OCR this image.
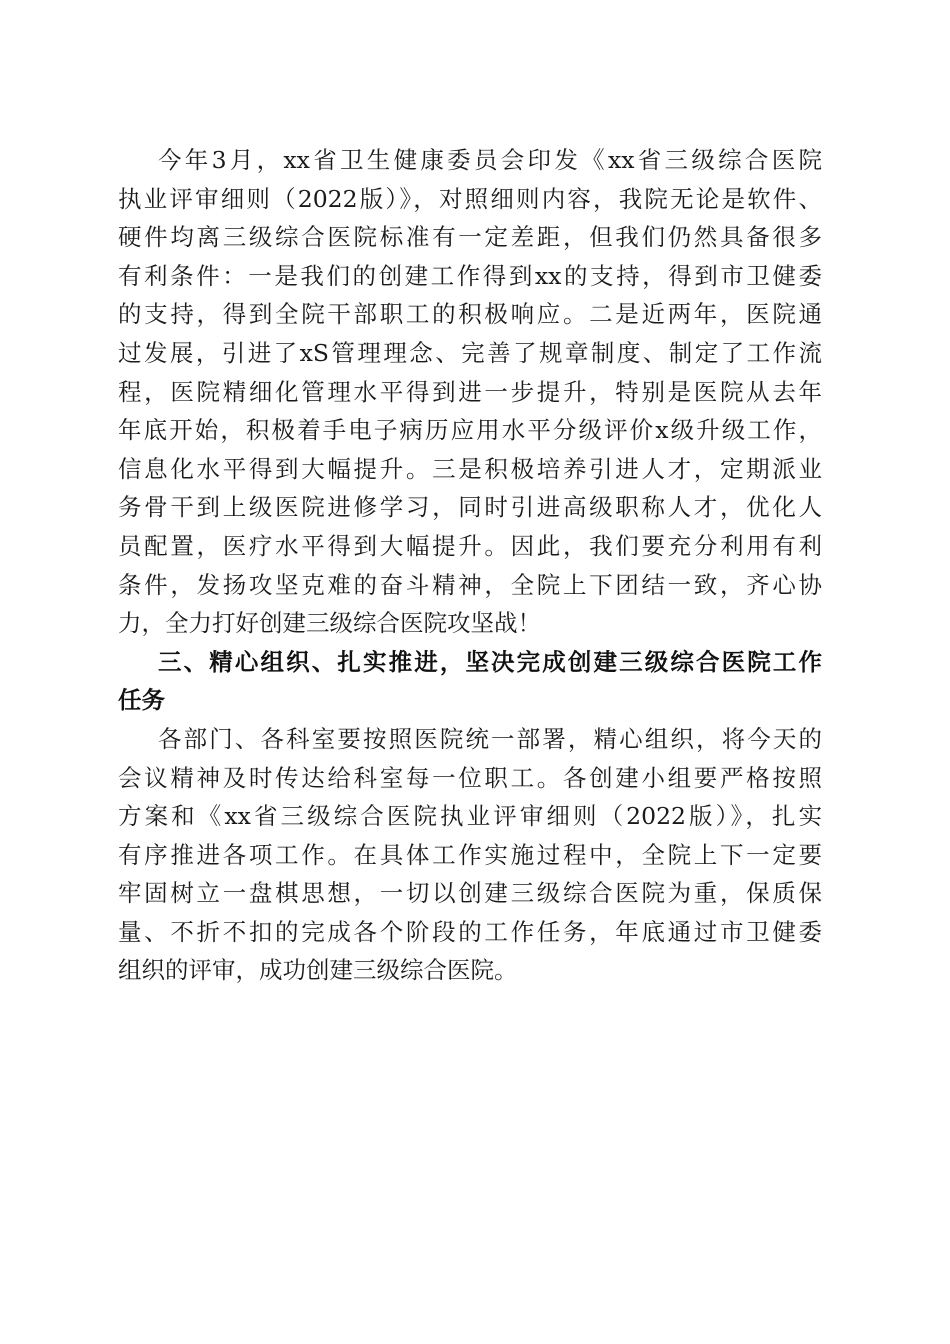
今年3月，xx省卫生健康委员会印发《xx省三级综合医院
执业评审细则（2022版）》，对照细则内容，我院无论是软件、
硬件均离三级综合医院标准有一定差距，但我们仍然具备很多
有利条件：一是我们的创建工作得到xx的支持，得到市卫健委
的支持，得到全院干部职工的积极响应。二是近两年，医院通
过发展，引进了xS管理理念、完善了规章制度、制定了工作流
程，医院精细化管理水平得到进一步提升，特别是医院从去年
年底开始，积极着手电子病历应用水平分级评价x级升级工作，
信息化水平得到大幅提升。三是积极培养引进人才，定期派业
务骨干到上级医院进修学习，同时引进高级职称人才，优化人
员配置，医疗水平得到大幅提升。因此，我们要充分利用有利
条件，发扬攻坚克难的奋斗精神，全院上下团结一致，齐心协
力，全力打好创建三级综合医院攻坚战！
三、精心组织、扎实推进，坚决完成创建三级综合医院工作
任务
各部门、各科室要按照医院统一部署，精心组织，将今天的
会议精神及时传达给科室每一位职工。各创建小组要严格按照
方案和《xx省三级综合医院执业评审细则（2022版）》，扎实
有序推进各项工作。在具体工作实施过程中，全院上下一定要
牢固树立一盘棋思想，一切以创建三级综合医院为重，保质保
量、不折不扣的完成各个阶段的工作任务，年底通过市卫健委
组织的评审，成功创建三级综合医院。
